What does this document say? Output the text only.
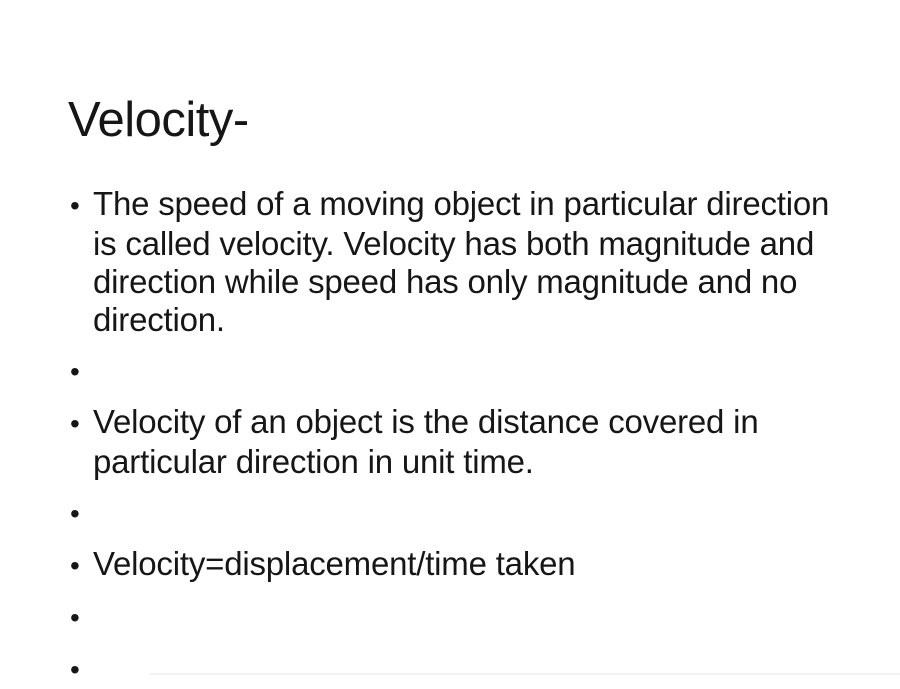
Velocity-
• The speed of a moving object in particular direction is called velocity. Velocity has both magnitude and direction while speed has only magnitude and no direction.
•
• Velocity of an object is the distance covered in particular direction in unit time.
•
• Velocity=displacement/time taken
•
•
